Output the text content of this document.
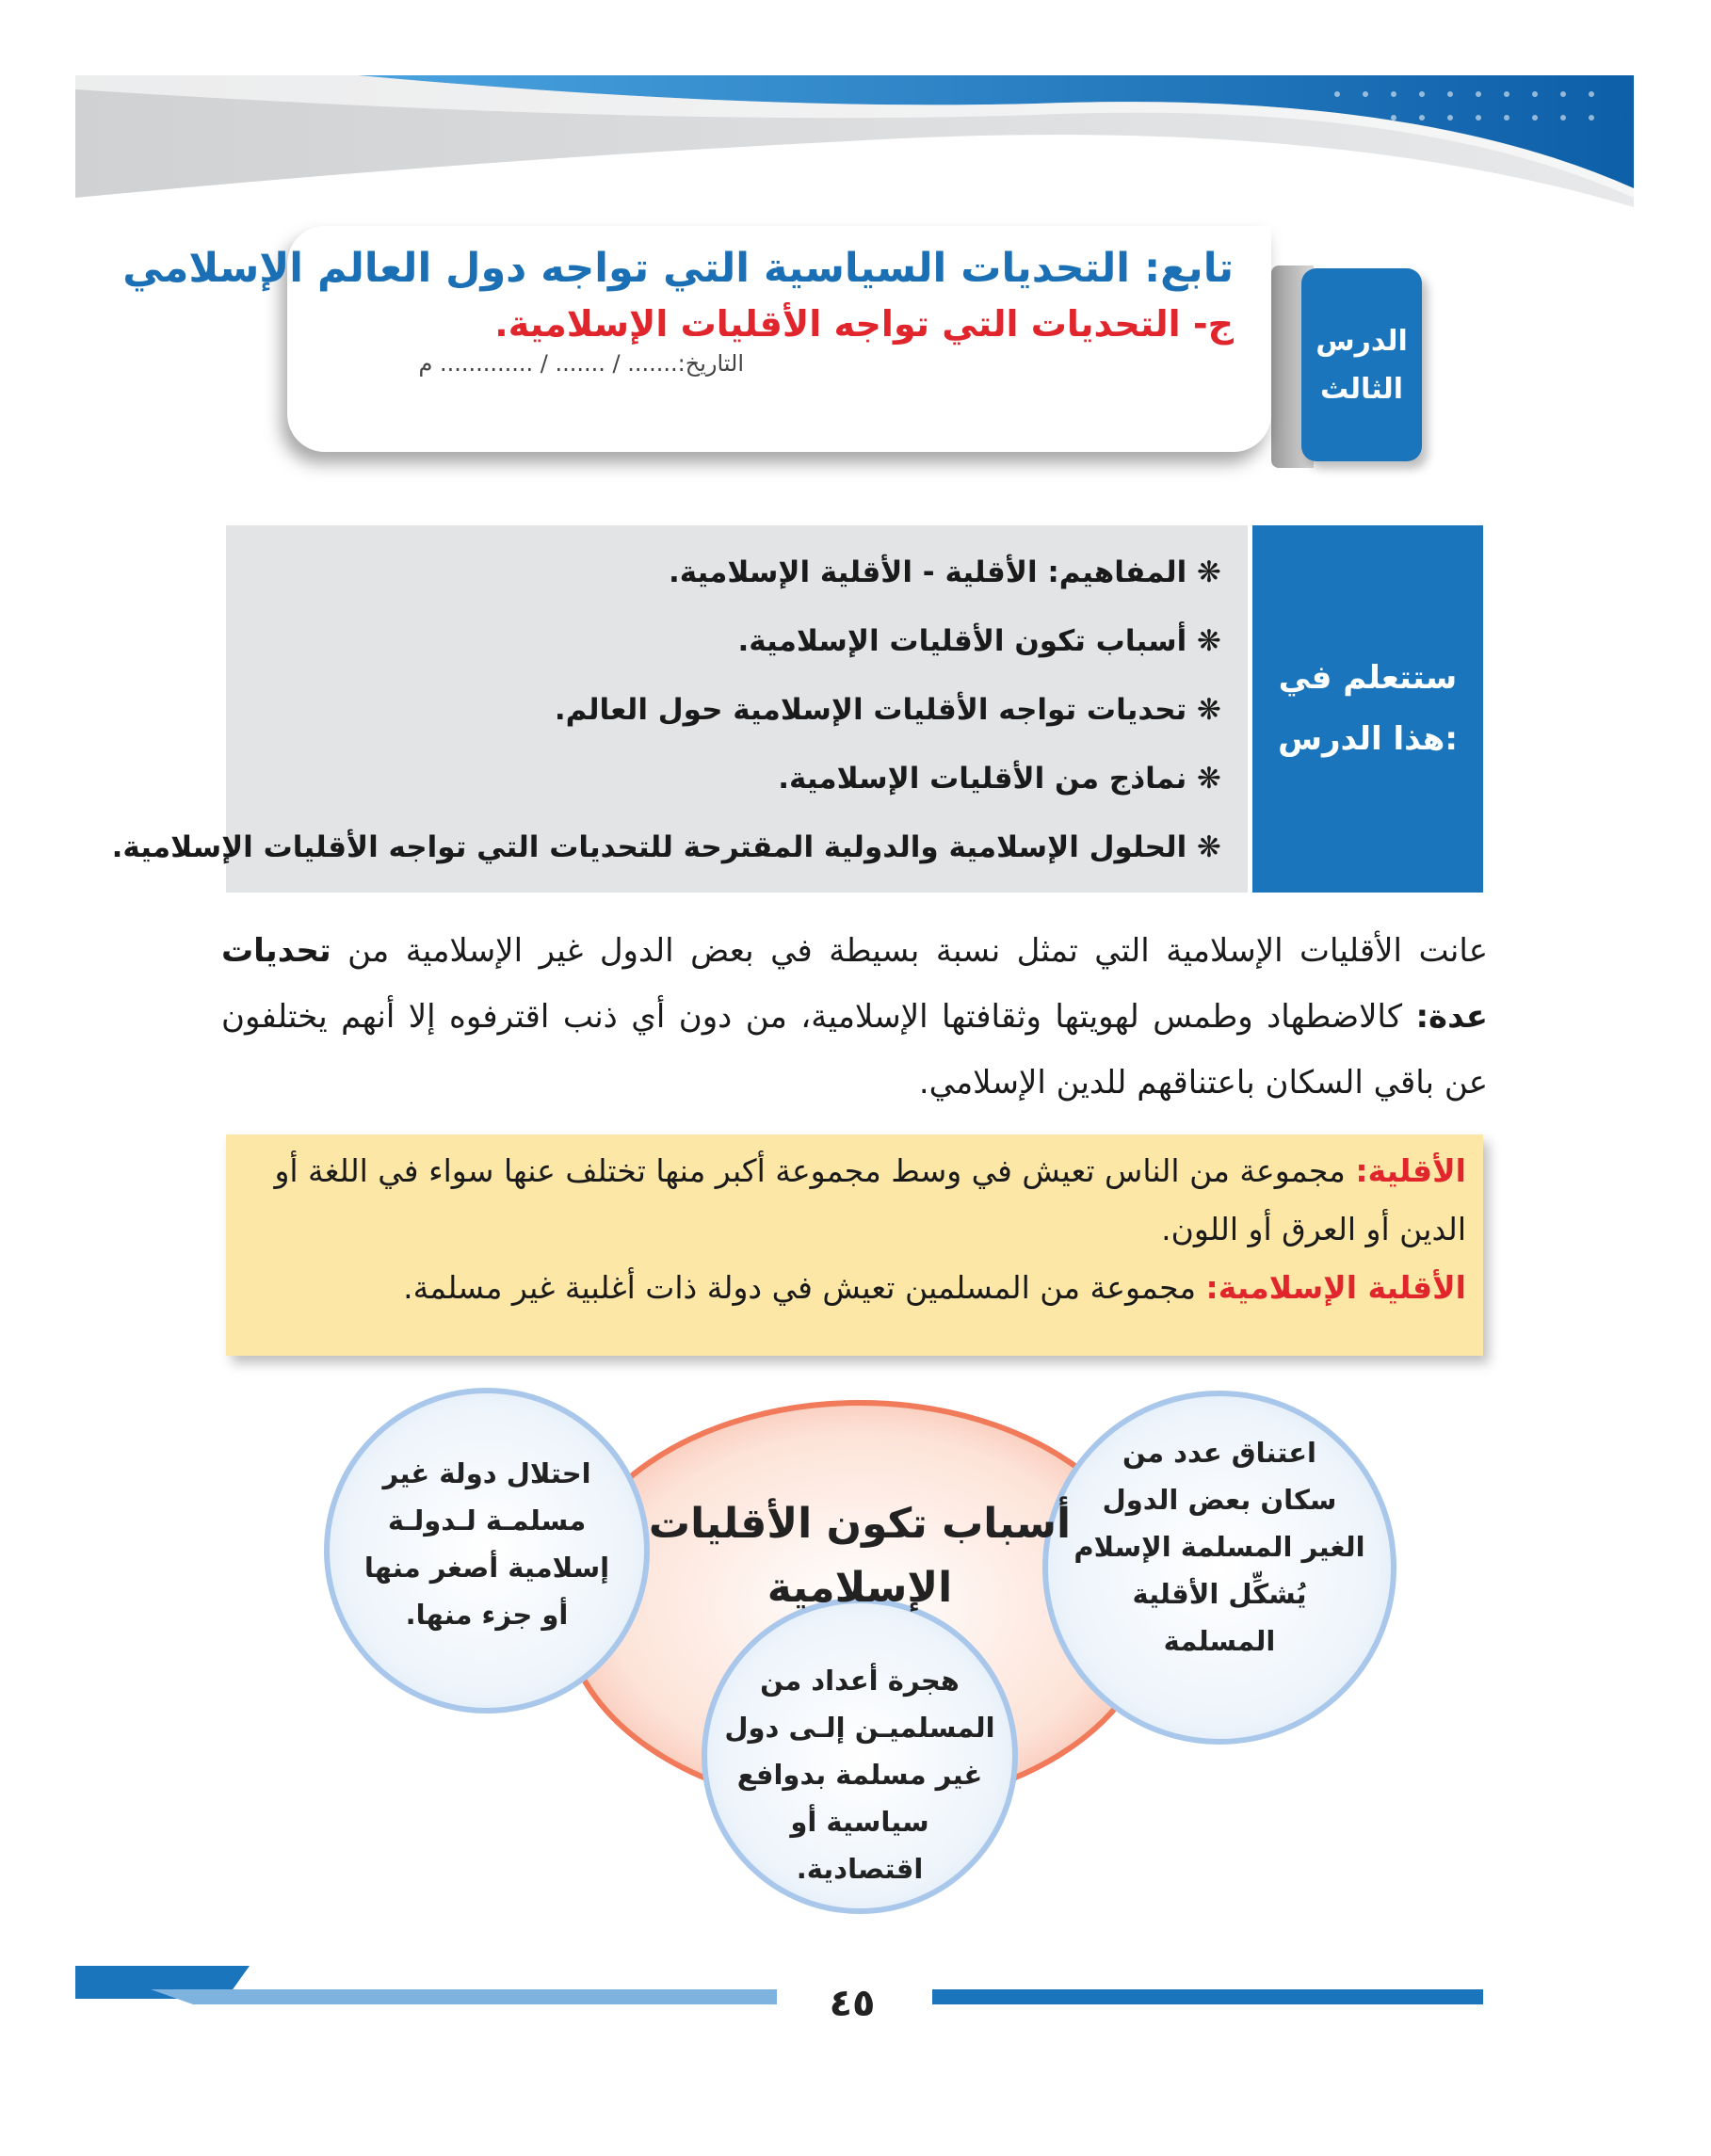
الدرس
الثالث
تابع: التحديات السياسية التي تواجه دول العالم الإسلامي
ج- التحديات التي تواجه الأقليات الإسلامية.
التاريخ:....... / ....... / ............. م
ستتعلم في
هذا الدرس:
❋ المفاهيم: الأقلية - الأقلية الإسلامية.
❋ أسباب تكون الأقليات الإسلامية.
❋ تحديات تواجه الأقليات الإسلامية حول العالم.
❋ نماذج من الأقليات الإسلامية.
❋ الحلول الإسلامية والدولية المقترحة للتحديات التي تواجه الأقليات الإسلامية.
عانت الأقليات الإسلامية التي تمثل نسبة بسيطة في بعض الدول غير الإسلامية من تحديات عدة: كالاضطهاد وطمس لهويتها وثقافتها الإسلامية، من دون أي ذنب اقترفوه إلا أنهم يختلفون عن باقي السكان باعتناقهم للدين الإسلامي.
الأقلية: مجموعة من الناس تعيش في وسط مجموعة أكبر منها تختلف عنها سواء في اللغة أو الدين أو العرق أو اللون.
الأقلية الإسلامية: مجموعة من المسلمين تعيش في دولة ذات أغلبية غير مسلمة.
أسباب تكون الأقليات
الإسلامية
اعتناق عدد من
سكان بعض الدول
الغير المسلمة الإسلام
يُشكِّل الأقلية
المسلمة
احتلال دولة غير
مسلمـة لـدولـة
إسلامية أصغر منها
أو جزء منها.
هجرة أعداد من
المسلميـن إلـى دول
غير مسلمة بدوافع
سياسية أو اقتصادية.
٤٥
